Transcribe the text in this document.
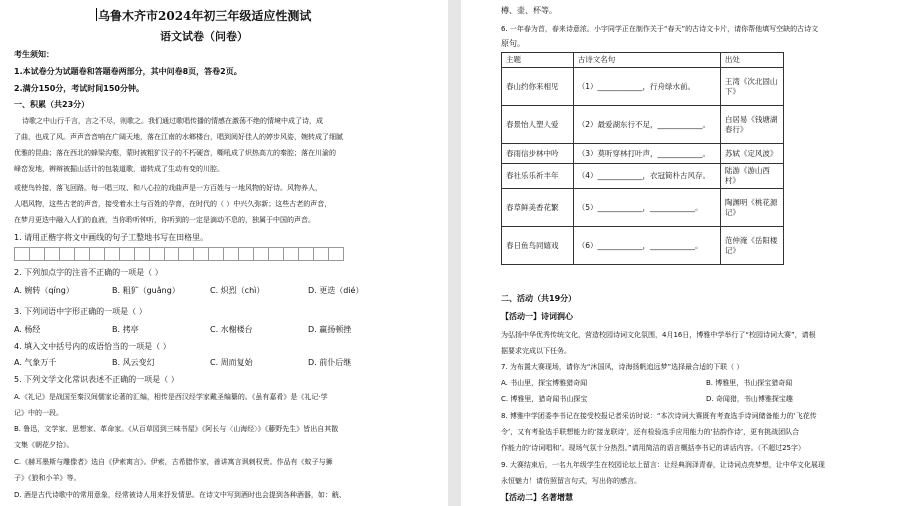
乌鲁木齐市2024年初三年级适应性测试
语文试卷（问卷）
考生须知：
1.本试卷分为试题卷和答题卷两部分，其中问卷8页，答卷2页。
2.满分150分，考试时间150分钟。
一、积累（共23分）
诗歌之中山行千言，言之不尽，则歌之。我们通过歌唱传播的情感在激荡不绝的情境中成了诗，成
了曲，也成了风。声声音音响在广阔天地，落在江南的水鄉楼台，唱到阅好佳人的婷步风姿，婉转成了细腻
优雅的昆曲；落在西北的蜂梁沟壑，蒙时被粗犷汉子的不朽硬音，嘶吼成了炽热高亢的秦腔；落在川渝的
峰峦发地，辨辩被掘山活计的包装道歌，谱转成了生动有变的川腔。
或使鸟铃接、落飞回路。每一唱三叹、和八心拉的戏曲声是一方百姓与一地风物的好诗。风物养人，
人唱风物，这些古老的声音，接受着水土与百姓的孕育，在时代的（ ）中兴久弥新；这些古老的声音，
在梦月更迭中融入人们的血液，当你聆听钟听，你听到的一定是滴动不息的，独属于中国的声音。
1. 请用正楷字将文中画线的句子工整地书写在田格里。
2. 下列加点字的注音不正确的一项是（ ）
A. 婉转（qíng）	B. 粗犷（guǎng）	C. 炽烈（chì）	D. 更迭（dié）
3. 下列词语中字形正确的一项是（ ）
A. 杨经	B. 拷亭	C. 水榭楼台	D. 赢扬顿挫
4. 填入文中括号内的成语恰当的一项是（ ）
A. 气象万千	B. 风云变幻	C. 周而复始	D. 前仆后继
5. 下列文学文化常识表述不正确的一项是（ ）
A.《礼记》是战国至秦汉间儒家论著的汇编，相传是西汉经学家戴圣编纂的。《虽有嘉肴》是《礼记·学
记》中的一段。
B. 鲁迅，文学家、思想家、革命家。《从百草园到三味书屋》《阿长与〈山海经〉》《藤野先生》皆出自其散
文集《朝花夕拾》。
C.《赫耳墨斯与雕像者》选自《伊索寓言》。伊索，古希腊作家，善讲寓言讽刺权贵。作品有《蚊子与狮
子》《狼和小羊》等。
D. 酒是古代诗歌中的常用意象，经常被诗人用来抒发情思。在诗文中写到酒时也会提到各种酒器，如：觥、
樽、壶、杯等。
6. 一年春为首，春来诗意浓。小宇同学正在制作关于“春天”的古诗文卡片，请你帮他填写空缺的古诗文
原句。
主题	古诗文名句	出处
春山约你来相见	（1）____________，行舟绿水前。	王湾《次北固山下》
春景怡人塑人爱	（2）最爱湖东行不足，____________。	白居易《钱塘湖春行》
春雨信步林中吟	（3）莫听穿林打叶声，____________。	苏轼《定风波》
春社乐乐祈丰年	（4）____________，衣冠简朴古风存。	陆游《游山西村》
春草鲜美香花繁	（5）____________，____________。	陶渊明《桃花源记》
春日鱼鸟同嬉戏	（6）____________，____________。	范仲淹《岳阳楼记》
二、活动（共19分）
【活动一】诗词润心
为弘扬中华优秀传统文化，营造校园诗词文化氛围，4月16日，博雅中学举行了“校园诗词大赛”，请根
据要求完成以下任务。
7. 为布置大赛现场，请你为“沐国风，诗海扬帆追远梦”选择最合适的下联（ ）
A. 书山里，探宝博雅猎奇闻	B. 博雅里，书山探宝猎奇闻
C. 博雅里，猎奇闻书山探宝	D. 奇闻猎，书山博雅探宝趣
8. 博雅中学团委李书记在接受校报记者采访时说：“本次诗词大赛既有考查选手诗词储备能力的‘飞花传
令’，又有考验选手联想能力的‘接龙联诗’，还有检验选手应用能力的‘拈韵作诗’，更有挑战团队合
作能力的‘诗词唱和’。现场气氛十分热烈。”请用简洁的语言概括李书记的讲话内容。（不超过25字）
9. 大赛结束后，一名九年级学生在校园论坛上留言：让经典润泽青春，让诗词点亮梦想，让中华文化展现
永恒魅力！请仿照留言句式，写出你的感言。
【活动二】名著增慧
